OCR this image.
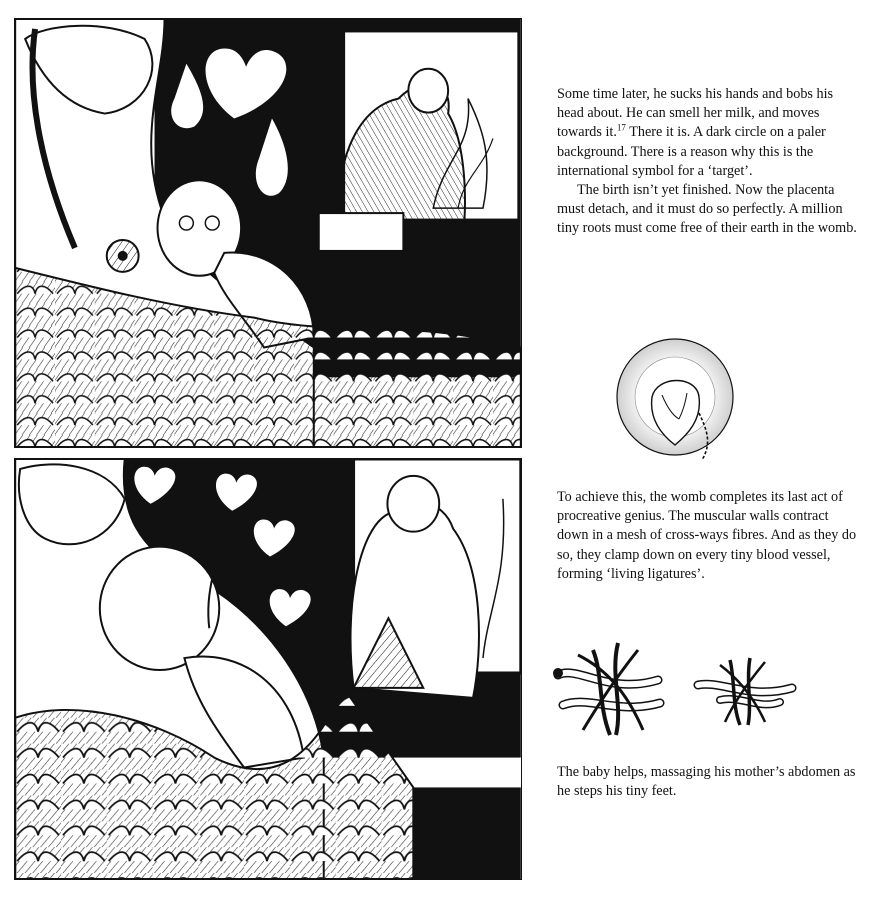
Some time later, he sucks his hands and bobs his head about. He can smell her milk, and moves towards it.$^{17}$ There it is. A dark circle on a paler background. There is a reason why this is the international symbol for a ‘target’.

The birth isn’t yet finished. Now the placenta must detach, and it must do so perfectly. A million tiny roots must come free of their earth in the womb.

To achieve this, the womb completes its last act of procreative genius. The muscular walls contract down in a mesh of cross-ways fibres. And as they do so, they clamp down on every tiny blood vessel, forming ‘living ligatures’.

The baby helps, massaging his mother’s abdomen as he steps his tiny feet.
